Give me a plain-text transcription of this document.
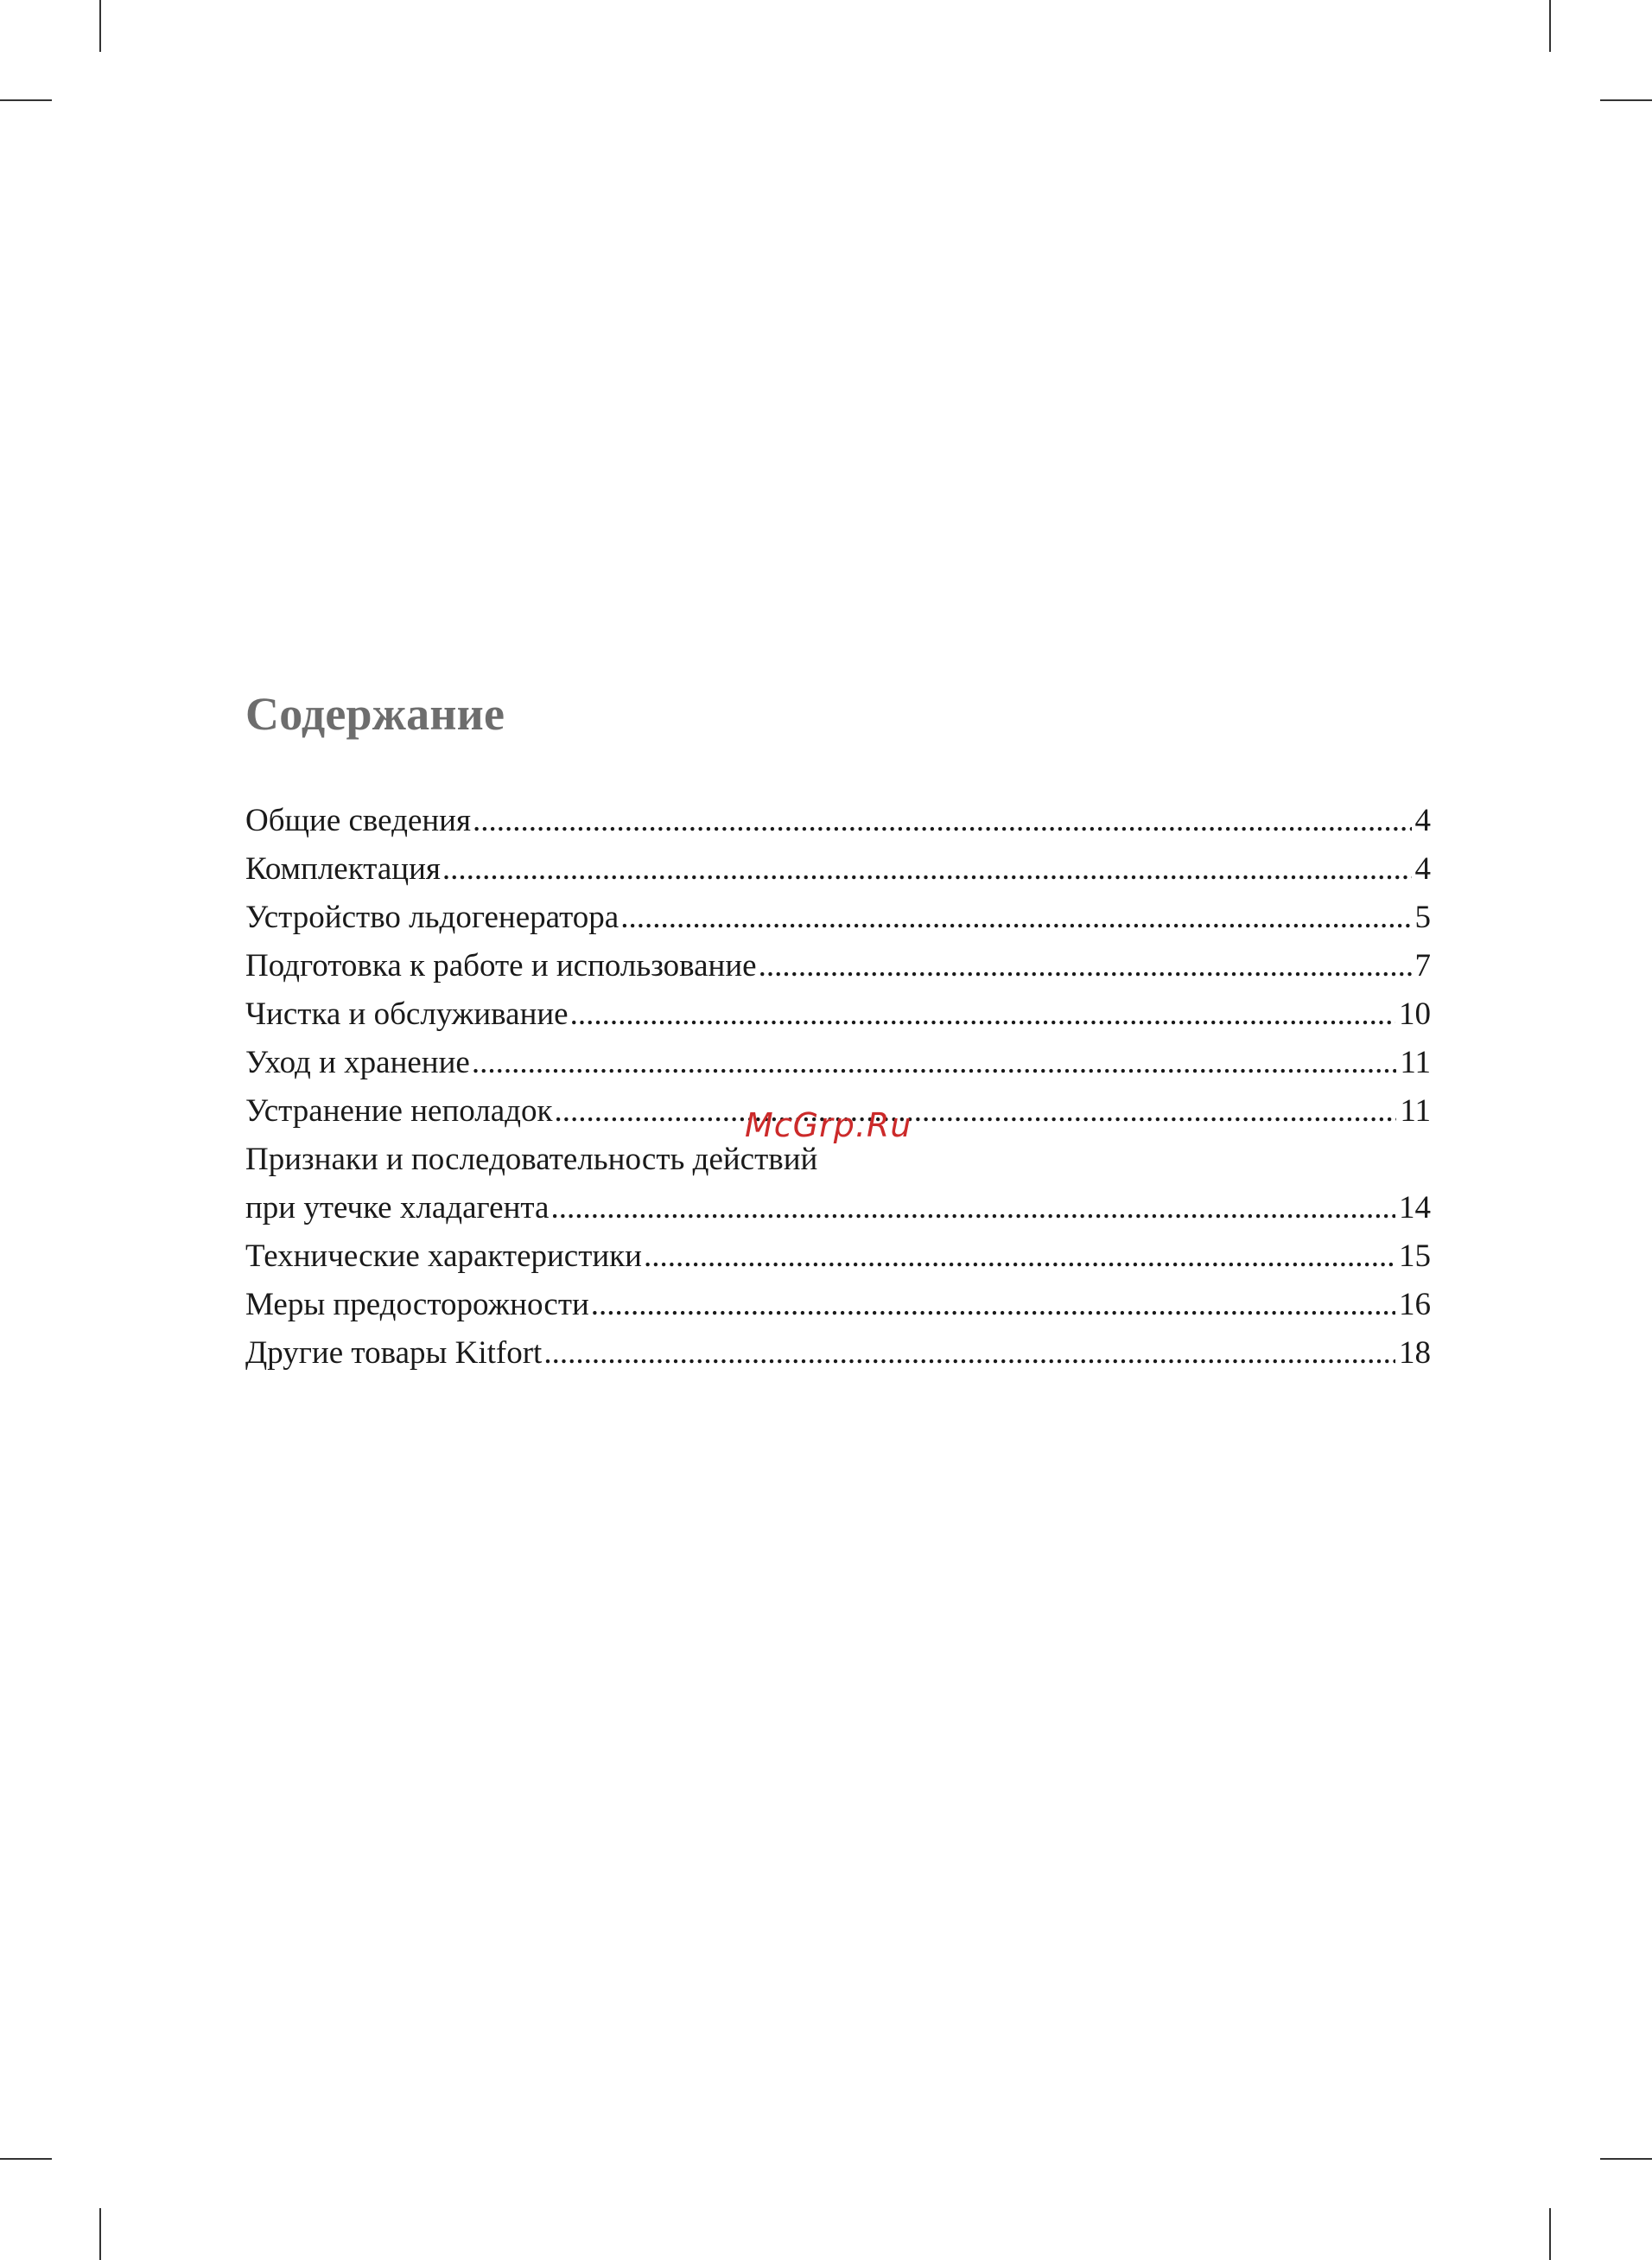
Содержание
Общие сведения .....	4
Комплектация .....	4
Устройство льдогенератора .....	5
Подготовка к работе и использование .....	7
Чистка и обслуживание .....	10
Уход и хранение .....	11
Устранение неполадок .....	11
Признаки и последовательность действий
при утечке хладагента .....	14
Технические характеристики .....	15
Меры предосторожности .....	16
Другие товары Kitfort .....	18
McGrp.Ru
